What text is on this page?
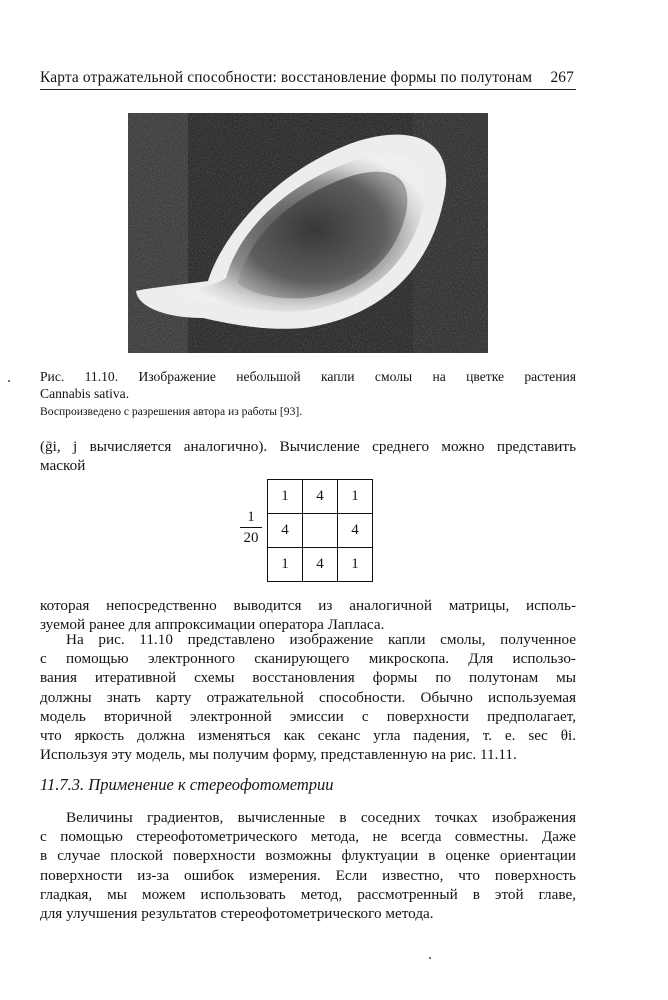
Карта отражательной способности: восстановление формы по полутонам 267
Рис. 11.10. Изображение небольшой капли смолы на цветке растения
Cannabis sativa.
Воспроизведено с разрешения автора из работы [93].
(ḡi, j вычисляется аналогично). Вычисление среднего можно представить
маской
1
20
1	4	1
4		4
1	4	1
которая непосредственно выводится из аналогичной матрицы, исполь-
зуемой ранее для аппроксимации оператора Лапласа.
На рис. 11.10 представлено изображение капли смолы, полученное
с помощью электронного сканирующего микроскопа. Для использо-
вания итеративной схемы восстановления формы по полутонам мы
должны знать карту отражательной способности. Обычно используемая
модель вторичной электронной эмиссии с поверхности предполагает,
что яркость должна изменяться как секанс угла падения, т. е. sec θi.
Используя эту модель, мы получим форму, представленную на рис. 11.11.
11.7.3. Применение к стереофотометрии
Величины градиентов, вычисленные в соседних точках изображения
с помощью стереофотометрического метода, не всегда совместны. Даже
в случае плоской поверхности возможны флуктуации в оценке ориентации
поверхности из-за ошибок измерения. Если известно, что поверхность
гладкая, мы можем использовать метод, рассмотренный в этой главе,
для улучшения результатов стереофотометрического метода.
